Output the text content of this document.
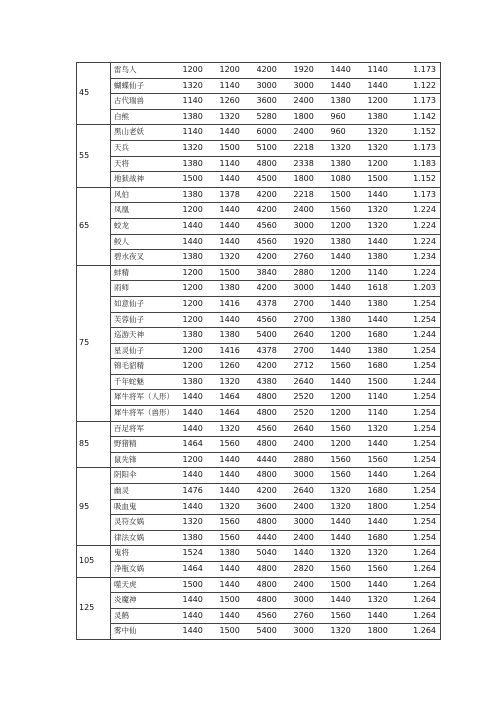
45	雷鸟人	1200	1200	4200	1920	1440	1140	1.173
	蝴蝶仙子	1320	1140	3000	3000	1440	1440	1.122
	古代瑞兽	1140	1260	3600	2400	1380	1200	1.173
	白熊	1380	1320	5280	1800	960	1380	1.142
55	黑山老妖	1140	1440	6000	2400	960	1320	1.152
	天兵	1320	1500	5100	2218	1320	1320	1.173
	天将	1380	1140	4800	2338	1380	1200	1.183
	地狱战神	1500	1440	4500	1800	1080	1500	1.152
65	风伯	1380	1378	4200	2218	1500	1440	1.173
	凤凰	1200	1440	4200	2400	1560	1320	1.224
	蛟龙	1440	1440	4560	3000	1200	1320	1.224
	鲛人	1440	1440	4560	1920	1380	1440	1.224
	碧水夜叉	1380	1320	4200	2760	1440	1380	1.234
75	蚌精	1200	1500	3840	2880	1200	1140	1.224
	雨师	1200	1380	4200	3000	1440	1618	1.203
	如意仙子	1200	1416	4378	2700	1440	1380	1.254
	芙蓉仙子	1200	1440	4560	2700	1380	1440	1.254
	巡游天神	1380	1380	5400	2640	1200	1680	1.244
	星灵仙子	1200	1416	4378	2700	1440	1380	1.254
	锦毛貂精	1200	1260	4200	2712	1560	1680	1.254
	千年蛇魅	1380	1320	4380	2640	1440	1500	1.244
	犀牛将军（人形）	1440	1464	4800	2520	1200	1140	1.254
	犀牛将军（兽形）	1440	1464	4800	2520	1200	1140	1.254
85	百足将军	1440	1320	4560	2640	1560	1320	1.254
	野猪精	1464	1560	4800	2400	1200	1440	1.254
	鼠先锋	1200	1440	4440	2880	1560	1560	1.254
95	阴阳伞	1440	1440	4800	3000	1560	1440	1.264
	幽灵	1476	1440	4200	2640	1320	1680	1.254
	吸血鬼	1440	1320	3600	2400	1320	1800	1.254
	灵符女娲	1320	1560	4800	3000	1440	1440	1.254
	律法女娲	1380	1560	4440	2400	1440	1680	1.254
105	鬼将	1524	1380	5040	1440	1320	1320	1.264
	净瓶女娲	1464	1440	4800	2820	1560	1560	1.264
125	噬天虎	1500	1440	4800	2400	1500	1440	1.264
	炎魔神	1440	1500	4800	3000	1440	1320	1.264
	灵鹤	1440	1440	4560	2760	1560	1440	1.264
	雾中仙	1440	1500	5400	3000	1320	1800	1.264
